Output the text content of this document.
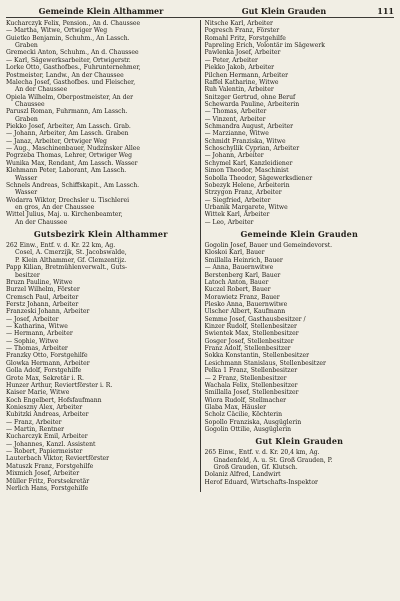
Gemeinde Klein Althammer	Gut Klein Grauden	111
Kucharczyk Felix, Pension., An d. Chaussee
— Martha, Witwe, Ortwiger Weg
Guietko Benjamin, Schuhm., An Lassch.
Graben
Gremecki Anton, Schuhm., An d. Chaussee
— Karl, Sägewerksarbeiter, Ortwigerstr.
Lorke Otto, Gasthofbes., Fuhrunternehmer,
Postmeister, Landw., An der Chaussee
Malecha Josef, Gasthofbes. und Fleischer,
An der Chaussee
Opiela Wilhelm, Oberpostmeister, An der
Chaussee
Paruszl Roman, Fuhrmann, Am Lassch.
Graben
Piekko Josef, Arbeiter, Am Lassch. Grab.
— Johann, Arbeiter, Am Lassch. Graben
— Janaz, Arbeiter, Ortwiger Weg
— Aug., Maschinenbauer, Nudzinsker Allee
Pogrzeba Thomas, Lehrer, Ortwiger Weg
Wunika Max, Rendant, Am Lassch. Wasser
Klehmann Peter, Laborant, Am Lassch.
Wasser
Schnels Andreas, Schiffskapit., Am Lassch.
Wasser
Wodarra Wiktor, Drechsler u. Tischlerei
en gros, An der Chaussee
Wittel Julius, Maj. u. Kirchenbeamter,
An der Chaussee
Gutsbezirk Klein Althammer
262 Einw., Entf. v. d. Kr. 22 km, Ag.
Cosel, A. Cmerzijk, St. Jacobswalde,
P. Klein Althammer, Gf. Clemzentijz.
Papp Kilian, Bretmühlenverwalt., Guts-
besitzer
Bruzn Pauline, Witwe
Burzel Wilhelm, Förster
Cremsch Paul, Arbeiter
Ferstz Johann, Arbeiter
Franzeski Johann, Arbeiter
— Josef, Arbeiter
— Katharina, Witwe
— Hermann, Arbeiter
— Sophie, Witwe
— Thomas, Arbeiter
Franzky Otto, Forstgehilfe
Glowka Hermann, Arbeiter
Golla Adolf, Forstgehilfe
Grote Max, Sekretär i. R.
Hunzer Arthur, Reviertförster i. R.
Kaiser Marie, Witwe
Koch Engelbert, Hofsfaufmann
Konieszny Alex, Arbeiter
Kubitzki Andreas, Arbeiter
— Franz, Arbeiter
— Martin, Rentner
Kucharczyk Emil, Arbeiter
— Johannes, Kanzl. Assistent
— Robert, Papiermeister
Lauterbach Viktor, Reviertförster
Matuszk Franz, Forstgehilfe
Mixmich Josef, Arbeiter
Müller Fritz, Forstsekretär
Nerlich Hans, Forstgehilfe
Nitsche Karl, Arbeiter
Pogresch Franz, Förster
Romahl Fritz, Forstgehilfe
Papreling Erich, Volontär im Sägewerk
Pawlenka Josef, Arbeiter
— Peter, Arbeiter
Piekko Jakob, Arbeiter
Pilchen Hermann, Arbeiter
Raffel Katharine, Witwe
Ruh Valentin, Arbeiter
Snitzger Gertrud, ohne Beruf
Schewarda Pauline, Arbeiterin
— Thomas, Arbeiter
— Vinzent, Arbeiter
Schmandra August, Arbeiter
— Marzianne, Witwe
Schmidt Franziska, Witwe
Schoschyllik Cyprian, Arbeiter
— Johann, Arbeiter
Schymel Karl, Kanzleidiener
Simon Theodor, Maschinist
Sobolla Theodor, Sägewerksdiener
Sobezyk Helene, Arbeiterin
Strzygon Franz, Arbeiter
— Siegfried, Arbeiter
Urbanik Margarete, Witwe
Wittek Karl, Arbeiter
— Leo, Arbeiter
Gemeinde Klein Grauden
Gogolin Josef, Bauer und Gemeindevorst.
Kloskoi Karl, Bauer
Smillalla Heinrich, Bauer
— Anna, Bauernwitwe
Berstenberg Karl, Bauer
Latoch Anton, Bauer
Kuczel Robert, Bauer
Morawietz Franz, Bauer
Plesko Anna, Bauernwitwe
Ulscher Albert, Kaufmann
Semme Josef, Gasthausbesitzer /
Kinzer Rudolf, Stellenbesitzer
Swientek Max, Stellenbesitzer
Gosger Josef, Stellenbesitzer
Franz Adolf, Stellenbesitzer
Sokka Konstantin, Stellenbesitzer
Lesichmann Stanislaus, Stellenbesitzer
Pelka 1 Franz, Stellenbesitzer
— 2 Franz, Stellenbesitzer
Wachala Felix, Stellenbesitzer
Smillalla Josef, Stellenbesitzer
Wiora Rudolf, Stellmacher
Glaba Max, Häusler
Scholz Cäcilie, Köchterin
Sopollo Franziska, Ausgüglerin
Gogolin Ottilie, Ausgüglerin
Gut Klein Grauden
265 Einw., Entf. v. d. Kr. 20,4 km, Ag.
Gnadenfeld, A. u. St. Groß Grauden, P.
Groß Grauden, Gf. Klutsch.
Dolaniz Alfred, Landwirt
Herof Eduard, Wirtschafts-Inspektor
